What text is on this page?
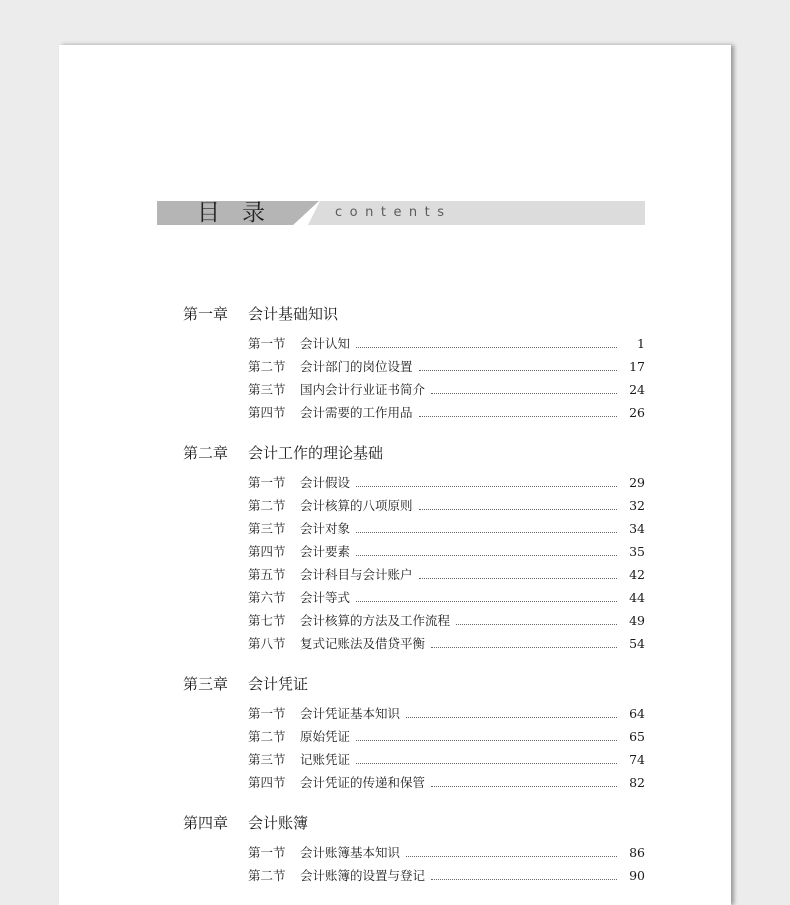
目录	contents
第一章 会计基础知识
第一节	会计认知	1
第二节	会计部门的岗位设置	17
第三节	国内会计行业证书简介	24
第四节	会计需要的工作用品	26
第二章 会计工作的理论基础
第一节	会计假设	29
第二节	会计核算的八项原则	32
第三节	会计对象	34
第四节	会计要素	35
第五节	会计科目与会计账户	42
第六节	会计等式	44
第七节	会计核算的方法及工作流程	49
第八节	复式记账法及借贷平衡	54
第三章 会计凭证
第一节	会计凭证基本知识	64
第二节	原始凭证	65
第三节	记账凭证	74
第四节	会计凭证的传递和保管	82
第四章 会计账簿
第一节	会计账簿基本知识	86
第二节	会计账簿的设置与登记	90
